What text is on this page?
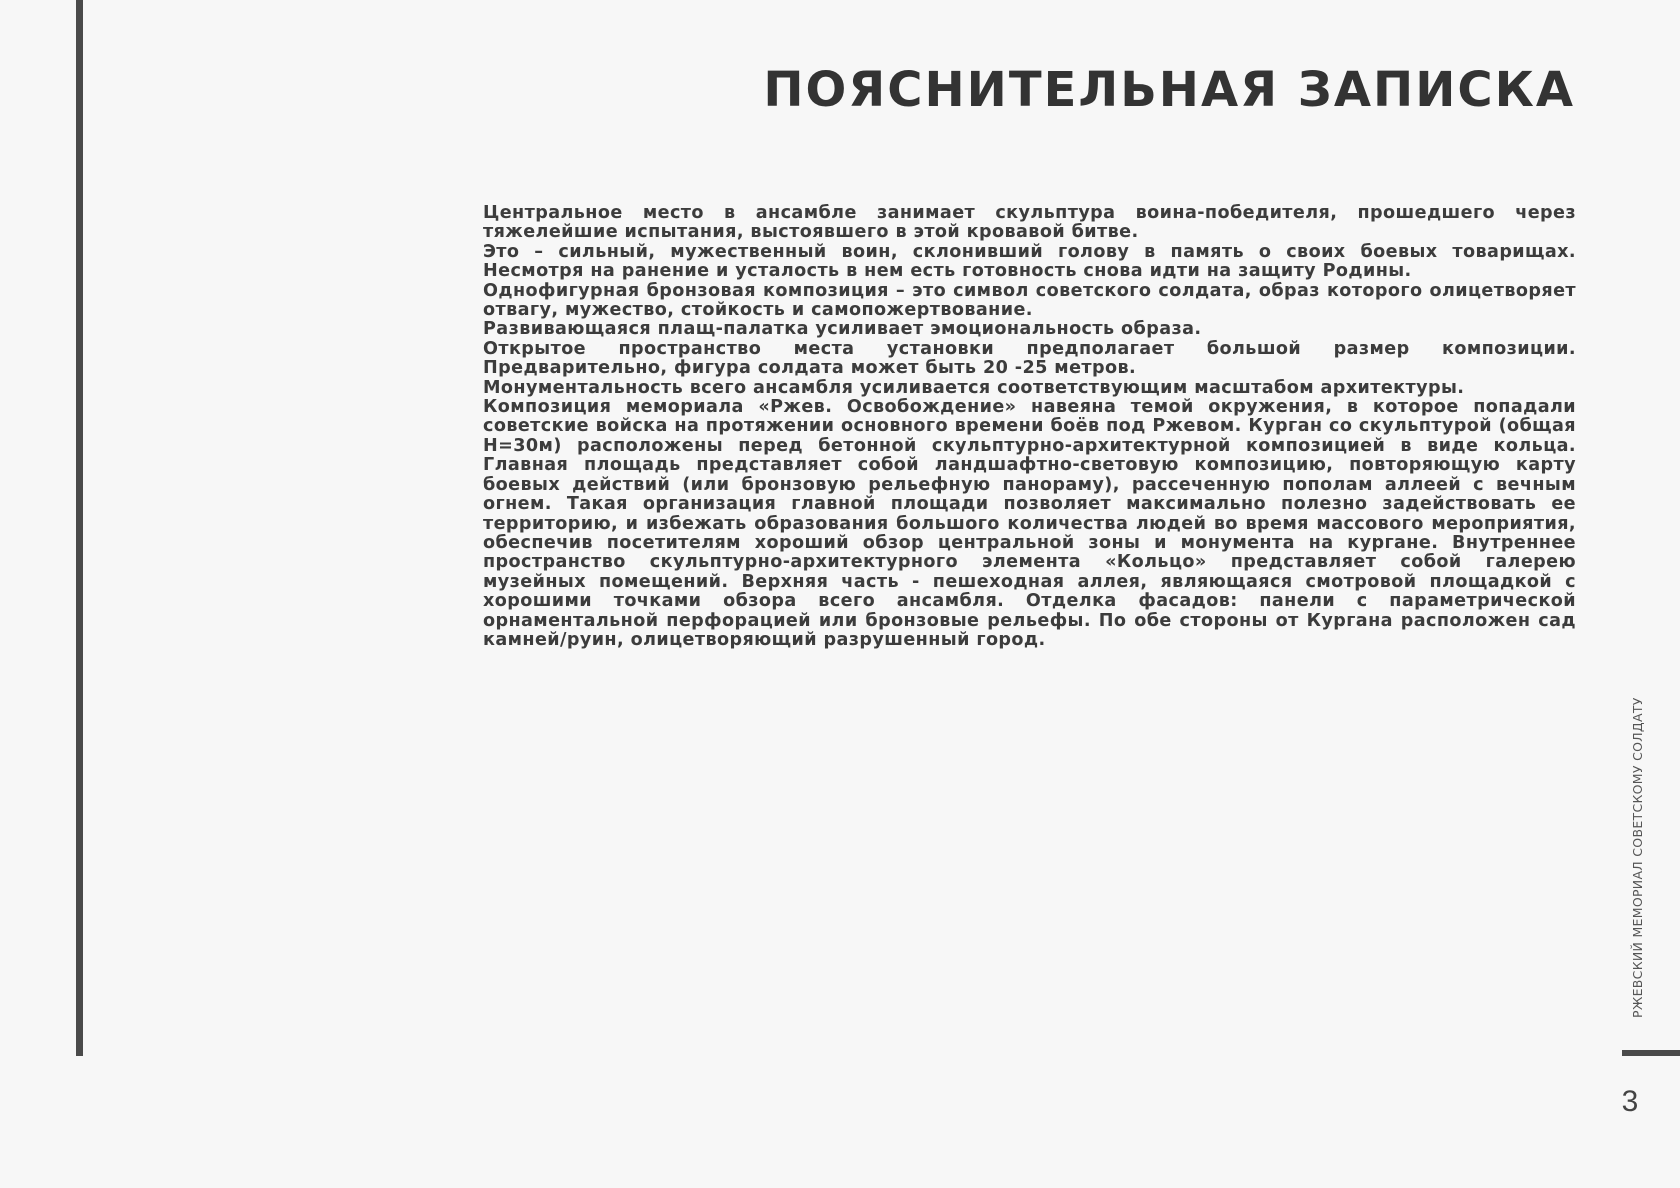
ПОЯСНИТЕЛЬНАЯ ЗАПИСКА

Центральное место в ансамбле занимает скульптура воина-победителя, прошедшего через тяжелейшие испытания, выстоявшего в этой кровавой битве.

Это – сильный, мужественный воин, склонивший голову в память о своих боевых товарищах. Несмотря на ранение и усталость в нем есть готовность снова идти на защиту Родины.

Однофигурная бронзовая композиция – это символ советского солдата, образ которого олицетворяет отвагу, мужество, стойкость и самопожертвование.

Развивающаяся плащ-палатка усиливает эмоциональность образа.

Открытое пространство места установки предполагает большой размер композиции. Предварительно, фигура солдата может быть 20 -25 метров.

Монументальность всего ансамбля усиливается соответствующим масштабом архитектуры.

Композиция мемориала «Ржев. Освобождение» навеяна темой окружения, в которое попадали советские войска на протяжении основного времени боёв под Ржевом. Курган со скульптурой (общая H=30м) расположены перед бетонной скульптурно-архитектурной композицией в виде кольца. Главная площадь представляет собой ландшафтно-световую композицию, повторяющую карту боевых действий (или бронзовую рельефную панораму), рассеченную пополам аллеей с вечным огнем. Такая организация главной площади позволяет максимально полезно задействовать ее территорию, и избежать образования большого количества людей во время массового мероприятия, обеспечив посетителям хороший обзор центральной зоны и монумента на кургане. Внутреннее пространство скульптурно-архитектурного элемента «Кольцо» представляет собой галерею музейных помещений. Верхняя часть - пешеходная аллея, являющаяся смотровой площадкой с хорошими точками обзора всего ансамбля. Отделка фасадов: панели с параметрической орнаментальной перфорацией или бронзовые рельефы. По обе стороны от Кургана расположен сад камней/руин, олицетворяющий разрушенный город.

РЖЕВСКИЙ МЕМОРИАЛ СОВЕТСКОМУ СОЛДАТУ
3
